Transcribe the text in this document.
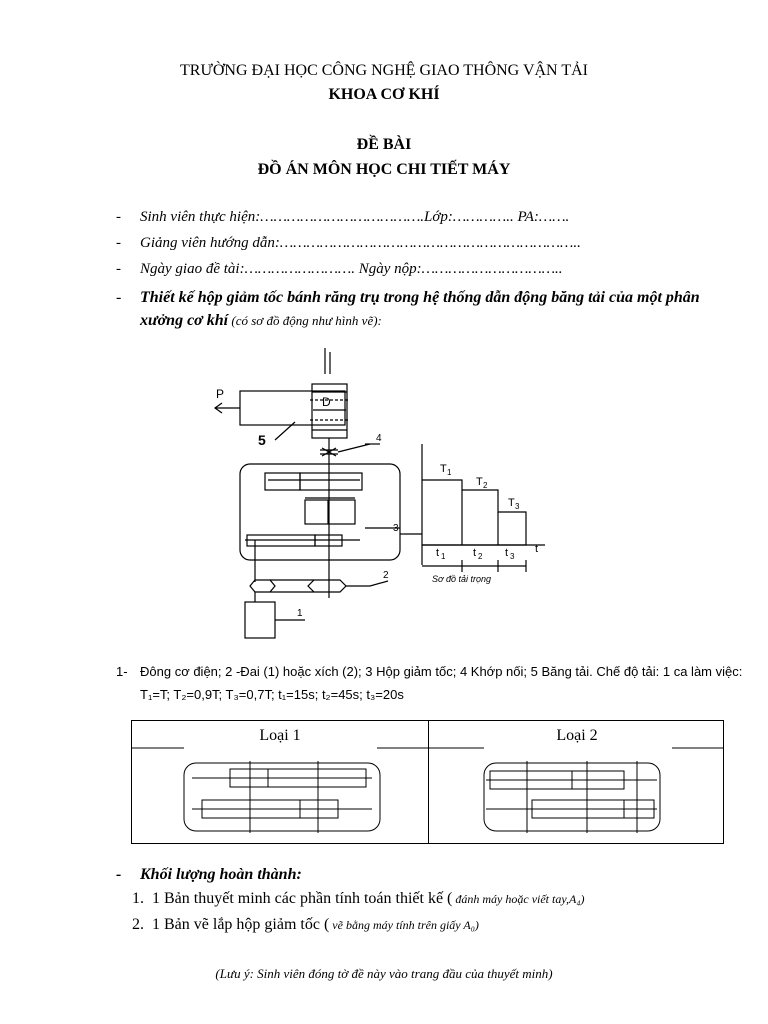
TRƯỜNG ĐẠI HỌC CÔNG NGHỆ GIAO THÔNG VẬN TẢI
KHOA CƠ KHÍ
ĐỀ BÀI
ĐỒ ÁN MÔN HỌC CHI TIẾT MÁY
- Sinh viên thực hiện:……………………………….Lớp:………….. PA:…….
- Giảng viên hướng dẫn:…………………………………………………………..
- Ngày giao đề tài:……………………. Ngày nộp:…………………………..
- Thiết kế hộp giảm tốc bánh răng trụ trong hệ thống dẫn động băng tải của một phân xưởng cơ khí (có sơ đồ động như hình vẽ):
P
D
5	4
3
2
1
T 1
T 2
T 3
t 1	t 2 t 3
t
Sơ đồ tải trọng
1- Đông cơ điện; 2 -Đai (1) hoặc xích (2); 3 Hộp giảm tốc; 4 Khớp nối; 5 Băng tải. Chế độ tải: 1 ca làm việc: T₁=T; T₂=0,9T; T₃=0,7T; t₁=15s; t₂=45s; t₃=20s
Loại 1	Loại 2
- Khối lượng hoàn thành:
1. 1 Bản thuyết minh các phần tính toán thiết kế ( đánh máy hoặc viết tay,A₄)
2. 1 Bản vẽ lắp hộp giảm tốc ( vẽ bằng máy tính trên giấy A₀)
(Lưu ý: Sinh viên đóng tờ đề này vào trang đầu của thuyết minh)
